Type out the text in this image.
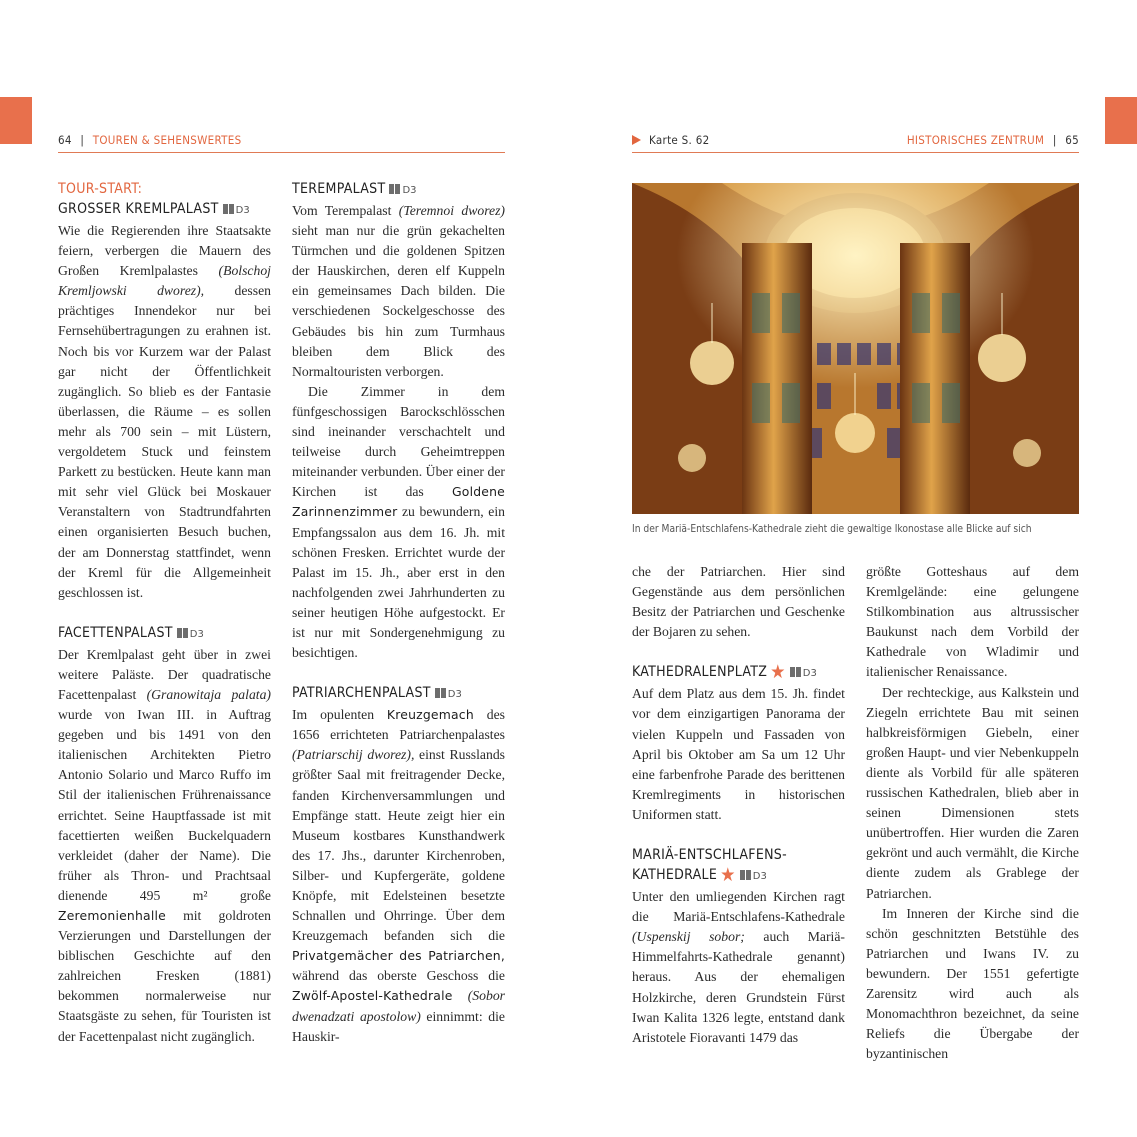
64 | TOUREN & SEHENSWERTES	Karte S. 62	HISTORISCHES ZENTRUM | 65
TOUR-START:
GROSSER KREMLPALAST D3

Wie die Regierenden ihre Staatsakte feiern, verbergen die Mauern des Großen Kremlpalastes (Bolschoj Kremljowski dworez), dessen prächtiges Innendekor nur bei Fernsehübertragungen zu erahnen ist. Noch bis vor Kurzem war der Palast gar nicht der Öffentlichkeit zugänglich. So blieb es der Fantasie überlassen, die Räume – es sollen mehr als 700 sein – mit Lüstern, vergoldetem Stuck und feinstem Parkett zu bestücken. Heute kann man mit sehr viel Glück bei Moskauer Veranstaltern von Stadtrundfahrten einen organisierten Besuch buchen, der am Donnerstag stattfindet, wenn der Kreml für die Allgemeinheit geschlossen ist.

FACETTENPALAST D3

Der Kremlpalast geht über in zwei weitere Paläste. Der quadratische Facettenpalast (Granowitaja palata) wurde von Iwan III. in Auftrag gegeben und bis 1491 von den italienischen Architekten Pietro Antonio Solario und Marco Ruffo im Stil der italienischen Frührenaissance errichtet. Seine Hauptfassade ist mit facettierten weißen Buckelquadern verkleidet (daher der Name). Die früher als Thron- und Prachtsaal dienende 495 m² große Zeremonienhalle mit goldroten Verzierungen und Darstellungen der biblischen Geschichte auf den zahlreichen Fresken (1881) bekommen normalerweise nur Staatsgäste zu sehen, für Touristen ist der Facettenpalast nicht zugänglich.

TEREMPALAST D3

Vom Terempalast (Teremnoi dworez) sieht man nur die grün gekachelten Türmchen und die goldenen Spitzen der Hauskirchen, deren elf Kuppeln ein gemeinsames Dach bilden. Die verschiedenen Sockelgeschosse des Gebäudes bis hin zum Turmhaus bleiben dem Blick des Normaltouristen verborgen.

Die Zimmer in dem fünfgeschossigen Barockschlösschen sind ineinander verschachtelt und teilweise durch Geheimtreppen miteinander verbunden. Über einer der Kirchen ist das Goldene Zarinnenzimmer zu bewundern, ein Empfangssalon aus dem 16. Jh. mit schönen Fresken. Errichtet wurde der Palast im 15. Jh., aber erst in den nachfolgenden zwei Jahrhunderten zu seiner heutigen Höhe aufgestockt. Er ist nur mit Sondergenehmigung zu besichtigen.

PATRIARCHENPALAST D3

Im opulenten Kreuzgemach des 1656 errichteten Patriarchenpalastes (Patriarschij dworez), einst Russlands größter Saal mit freitragender Decke, fanden Kirchenversammlungen und Empfänge statt. Heute zeigt hier ein Museum kostbares Kunsthandwerk des 17. Jhs., darunter Kirchenroben, Silber- und Kupfergeräte, goldene Knöpfe, mit Edelsteinen besetzte Schnallen und Ohrringe. Über dem Kreuzgemach befanden sich die Privatgemächer des Patriarchen, während das oberste Geschoss die Zwölf-Apostel-Kathedrale (Sobor dwenadzati apostolow) einnimmt: die Hauskir-

In der Mariä-Entschlafens-Kathedrale zieht die gewaltige Ikonostase alle Blicke auf sich

che der Patriarchen. Hier sind Gegenstände aus dem persönlichen Besitz der Patriarchen und Geschenke der Bojaren zu sehen.

KATHEDRALENPLATZ ★ D3

Auf dem Platz aus dem 15. Jh. findet vor dem einzigartigen Panorama der vielen Kuppeln und Fassaden von April bis Oktober am Sa um 12 Uhr eine farbenfrohe Parade des berittenen Kremlregiments in historischen Uniformen statt.

MARIÄ-ENTSCHLAFENS-
KATHEDRALE ★ D3

Unter den umliegenden Kirchen ragt die Mariä-Entschlafens-Kathedrale (Uspenskij sobor; auch Mariä-Himmelfahrts-Kathedrale genannt) heraus. Aus der ehemaligen Holzkirche, deren Grundstein Fürst Iwan Kalita 1326 legte, entstand dank Aristotele Fioravanti 1479 das

größte Gotteshaus auf dem Kremlgelände: eine gelungene Stilkombination aus altrussischer Baukunst nach dem Vorbild der Kathedrale von Wladimir und italienischer Renaissance.

Der rechteckige, aus Kalkstein und Ziegeln errichtete Bau mit seinen halbkreisförmigen Giebeln, einer großen Haupt- und vier Nebenkuppeln diente als Vorbild für alle späteren russischen Kathedralen, blieb aber in seinen Dimensionen stets unübertroffen. Hier wurden die Zaren gekrönt und auch vermählt, die Kirche diente zudem als Grablege der Patriarchen.

Im Inneren der Kirche sind die schön geschnitzten Betstühle des Patriarchen und Iwans IV. zu bewundern. Der 1551 gefertigte Zarensitz wird auch als Monomachthron bezeichnet, da seine Reliefs die Übergabe der byzantinischen
